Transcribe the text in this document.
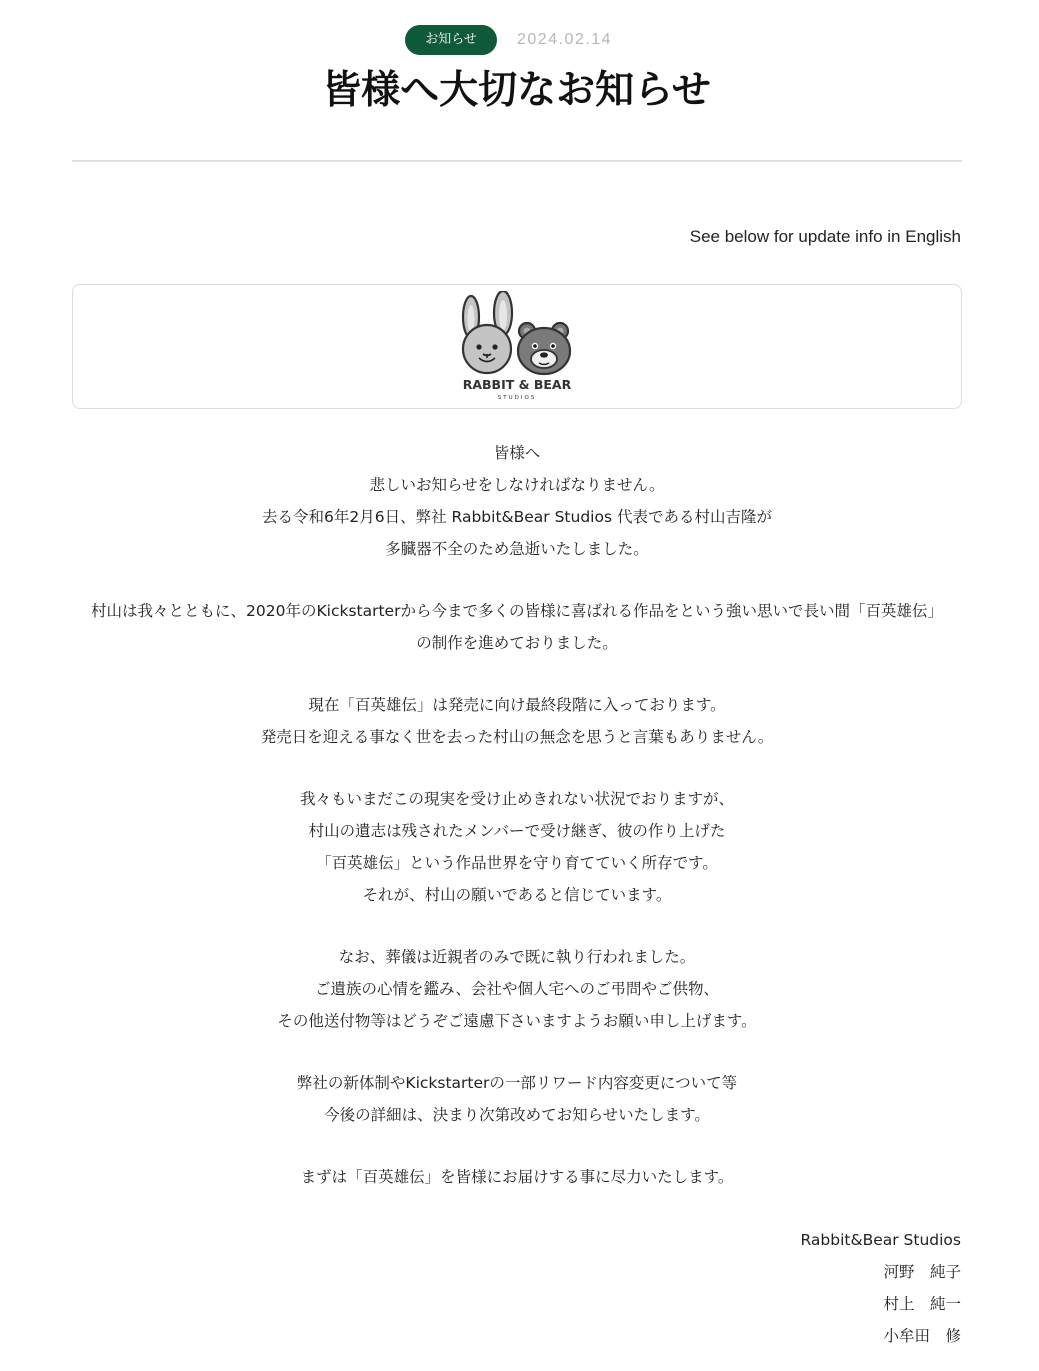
お知らせ	2024.02.14
皆様へ大切なお知らせ
See below for update info in English
RABBIT & BEAR
STUDIOS

皆様へ
悲しいお知らせをしなければなりません。
去る令和6年2月6日、弊社 Rabbit&Bear Studios 代表である村山吉隆が
多臓器不全のため急逝いたしました。

村山は我々とともに、2020年のKickstarterから今まで多くの皆様に喜ばれる作品をという強い思いで長い間「百英雄伝」
の制作を進めておりました。

現在「百英雄伝」は発売に向け最終段階に入っております。
発売日を迎える事なく世を去った村山の無念を思うと言葉もありません。

我々もいまだこの現実を受け止めきれない状況でおりますが、
村山の遺志は残されたメンバーで受け継ぎ、彼の作り上げた
「百英雄伝」という作品世界を守り育てていく所存です。
それが、村山の願いであると信じています。

なお、葬儀は近親者のみで既に執り行われました。
ご遺族の心情を鑑み、会社や個人宅へのご弔問やご供物、
その他送付物等はどうぞご遠慮下さいますようお願い申し上げます。

弊社の新体制やKickstarterの一部リワード内容変更について等
今後の詳細は、決まり次第改めてお知らせいたします。

まずは「百英雄伝」を皆様にお届けする事に尽力いたします。

Rabbit&Bear Studios
河野　純子
村上　純一
小牟田　修
